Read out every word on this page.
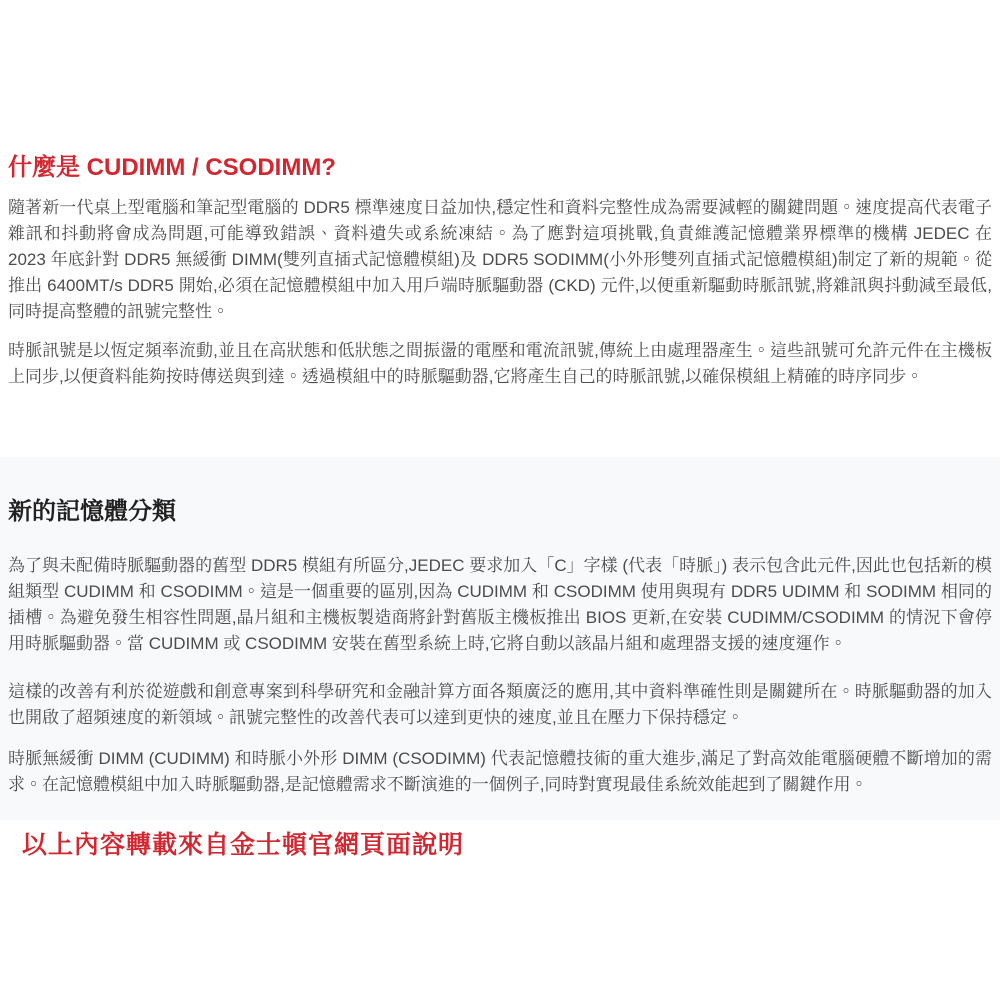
什麼是 CUDIMM / CSODIMM?

隨著新一代桌上型電腦和筆記型電腦的 DDR5 標準速度日益加快,穩定性和資料完整性成為需要減輕的關鍵問題。速度提高代表電子雜訊和抖動將會成為問題,可能導致錯誤、資料遺失或系統凍結。為了應對這項挑戰,負責維護記憶體業界標準的機構 JEDEC 在 2023 年底針對 DDR5 無緩衝 DIMM(雙列直插式記憶體模組)及 DDR5 SODIMM(小外形雙列直插式記憶體模組)制定了新的規範。從推出 6400MT/s DDR5 開始,必須在記憶體模組中加入用戶端時脈驅動器 (CKD) 元件,以便重新驅動時脈訊號,將雜訊與抖動減至最低,同時提高整體的訊號完整性。

時脈訊號是以恆定頻率流動,並且在高狀態和低狀態之間振盪的電壓和電流訊號,傳統上由處理器產生。這些訊號可允許元件在主機板上同步,以便資料能夠按時傳送與到達。透過模組中的時脈驅動器,它將產生自己的時脈訊號,以確保模組上精確的時序同步。

新的記憶體分類

為了與未配備時脈驅動器的舊型 DDR5 模組有所區分,JEDEC 要求加入「C」字樣 (代表「時脈」) 表示包含此元件,因此也包括新的模組類型 CUDIMM 和 CSODIMM。這是一個重要的區別,因為 CUDIMM 和 CSODIMM 使用與現有 DDR5 UDIMM 和 SODIMM 相同的插槽。為避免發生相容性問題,晶片組和主機板製造商將針對舊版主機板推出 BIOS 更新,在安裝 CUDIMM/CSODIMM 的情況下會停用時脈驅動器。當 CUDIMM 或 CSODIMM 安裝在舊型系統上時,它將自動以該晶片組和處理器支援的速度運作。

這樣的改善有利於從遊戲和創意專案到科學研究和金融計算方面各類廣泛的應用,其中資料準確性則是關鍵所在。時脈驅動器的加入也開啟了超頻速度的新領域。訊號完整性的改善代表可以達到更快的速度,並且在壓力下保持穩定。

時脈無緩衝 DIMM (CUDIMM) 和時脈小外形 DIMM (CSODIMM) 代表記憶體技術的重大進步,滿足了對高效能電腦硬體不斷增加的需求。在記憶體模組中加入時脈驅動器,是記憶體需求不斷演進的一個例子,同時對實現最佳系統效能起到了關鍵作用。

以上內容轉載來自金士頓官網頁面說明
